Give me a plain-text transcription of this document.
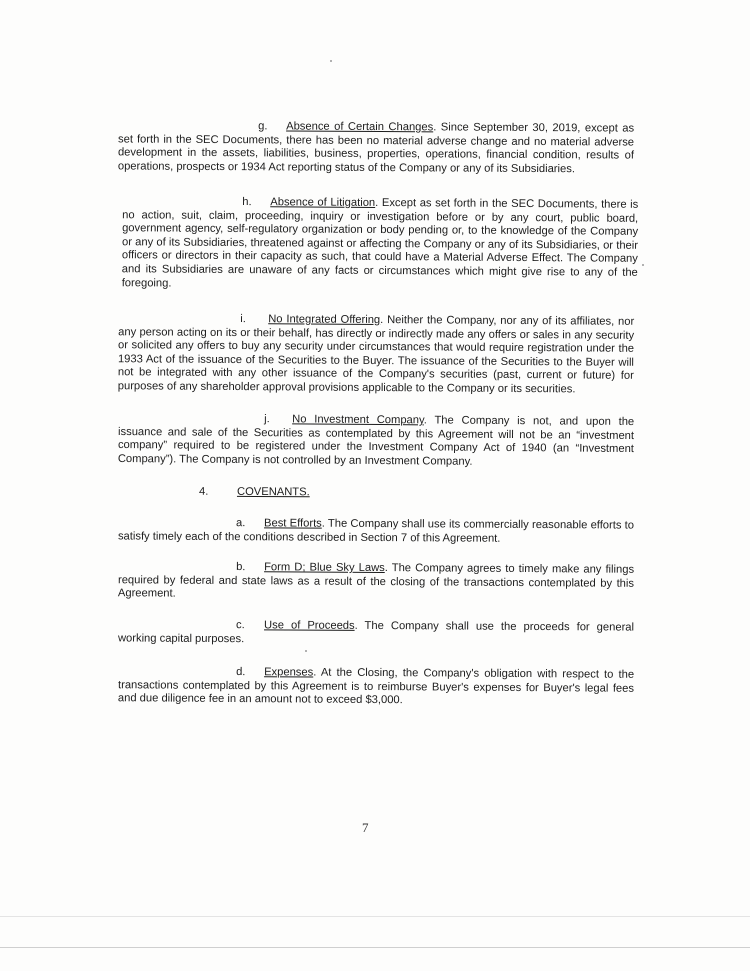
g. Absence of Certain Changes. Since September 30, 2019, except as set forth in the SEC Documents, there has been no material adverse change and no material adverse development in the assets, liabilities, business, properties, operations, financial condition, results of operations, prospects or 1934 Act reporting status of the Company or any of its Subsidiaries.
h. Absence of Litigation. Except as set forth in the SEC Documents, there is no action, suit, claim, proceeding, inquiry or investigation before or by any court, public board, government agency, self-regulatory organization or body pending or, to the knowledge of the Company or any of its Subsidiaries, threatened against or affecting the Company or any of its Subsidiaries, or their officers or directors in their capacity as such, that could have a Material Adverse Effect. The Company and its Subsidiaries are unaware of any facts or circumstances which might give rise to any of the foregoing.
i. No Integrated Offering. Neither the Company, nor any of its affiliates, nor any person acting on its or their behalf, has directly or indirectly made any offers or sales in any security or solicited any offers to buy any security under circumstances that would require registration under the 1933 Act of the issuance of the Securities to the Buyer. The issuance of the Securities to the Buyer will not be integrated with any other issuance of the Company's securities (past, current or future) for purposes of any shareholder approval provisions applicable to the Company or its securities.
j. No Investment Company. The Company is not, and upon the issuance and sale of the Securities as contemplated by this Agreement will not be an “investment company” required to be registered under the Investment Company Act of 1940 (an “Investment Company”). The Company is not controlled by an Investment Company.
4.	COVENANTS.
a. Best Efforts. The Company shall use its commercially reasonable efforts to satisfy timely each of the conditions described in Section 7 of this Agreement.
b. Form D; Blue Sky Laws. The Company agrees to timely make any filings required by federal and state laws as a result of the closing of the transactions contemplated by this Agreement.
c. Use of Proceeds. The Company shall use the proceeds for general working capital purposes.
d. Expenses. At the Closing, the Company's obligation with respect to the transactions contemplated by this Agreement is to reimburse Buyer's expenses for Buyer's legal fees and due diligence fee in an amount not to exceed $3,000.
7
